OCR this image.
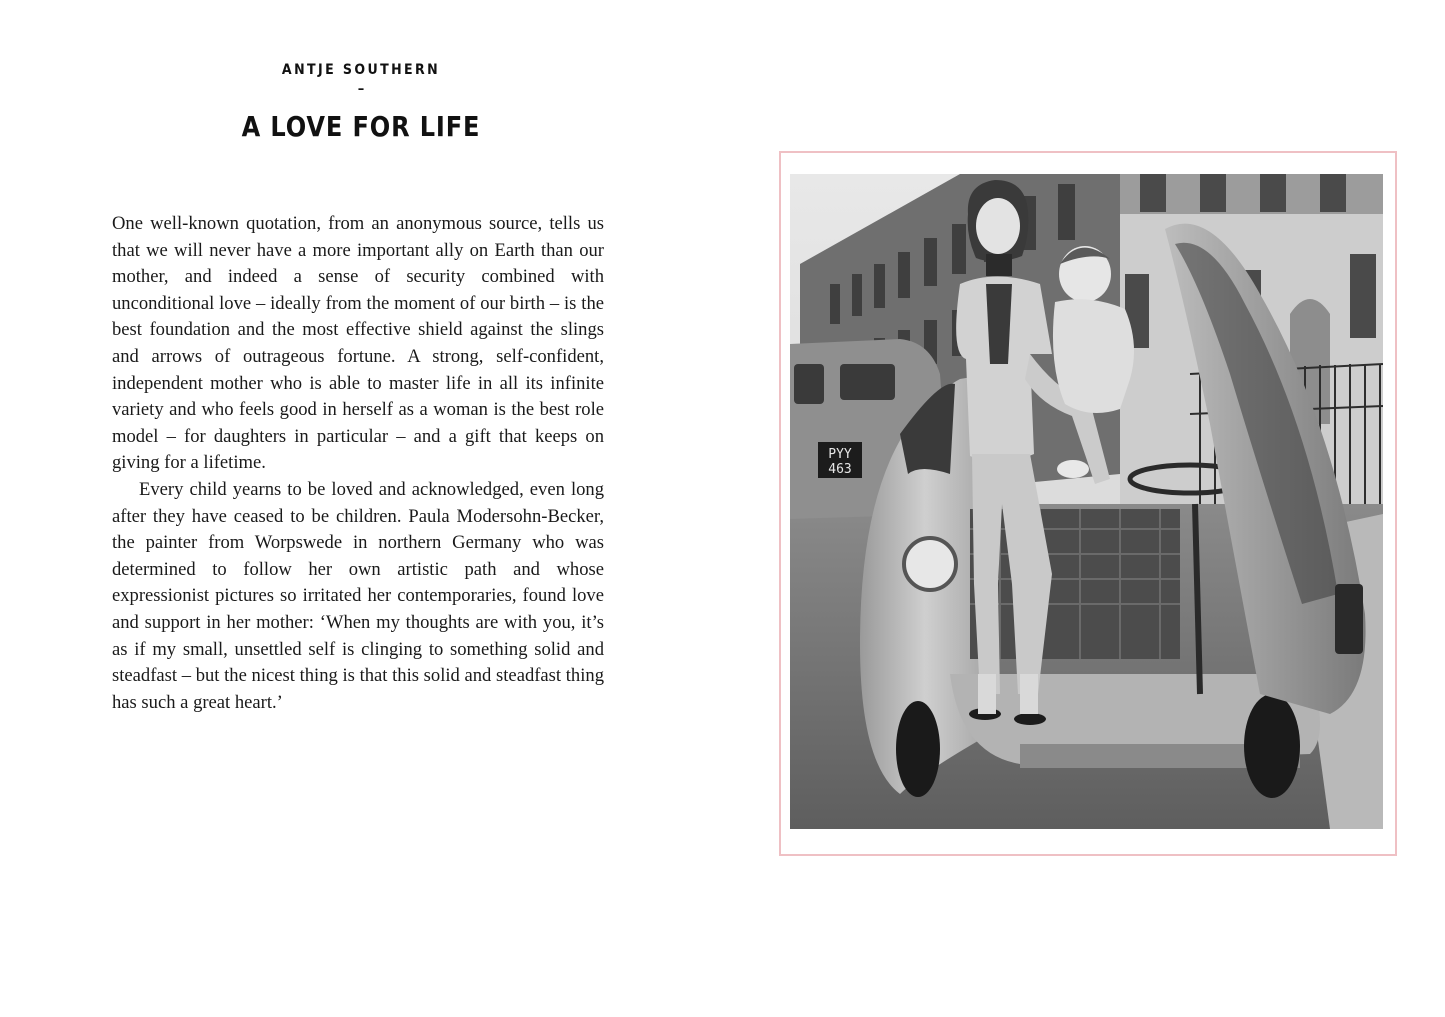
ANTJE SOUTHERN
–
A LOVE FOR LIFE

One well-known quotation, from an anonymous source, tells us that we will never have a more important ally on Earth than our mother, and indeed a sense of security combined with unconditional love – ideally from the moment of our birth – is the best foundation and the most effective shield against the slings and arrows of outrageous fortune. A strong, self-confident, independent mother who is able to master life in all its infinite variety and who feels good in herself as a woman is the best role model – for daughters in particular – and a gift that keeps on giving for a lifetime.

Every child yearns to be loved and acknowledged, even long after they have ceased to be children. Paula Modersohn-Becker, the painter from Worpswede in northern Germany who was determined to follow her own artistic path and whose expressionist pictures so irritated her contemporaries, found love and support in her mother: ‘When my thoughts are with you, it’s as if my small, unsettled self is clinging to something solid and steadfast – but the nicest thing is that this solid and steadfast thing has such a great heart.’

PYY
463
